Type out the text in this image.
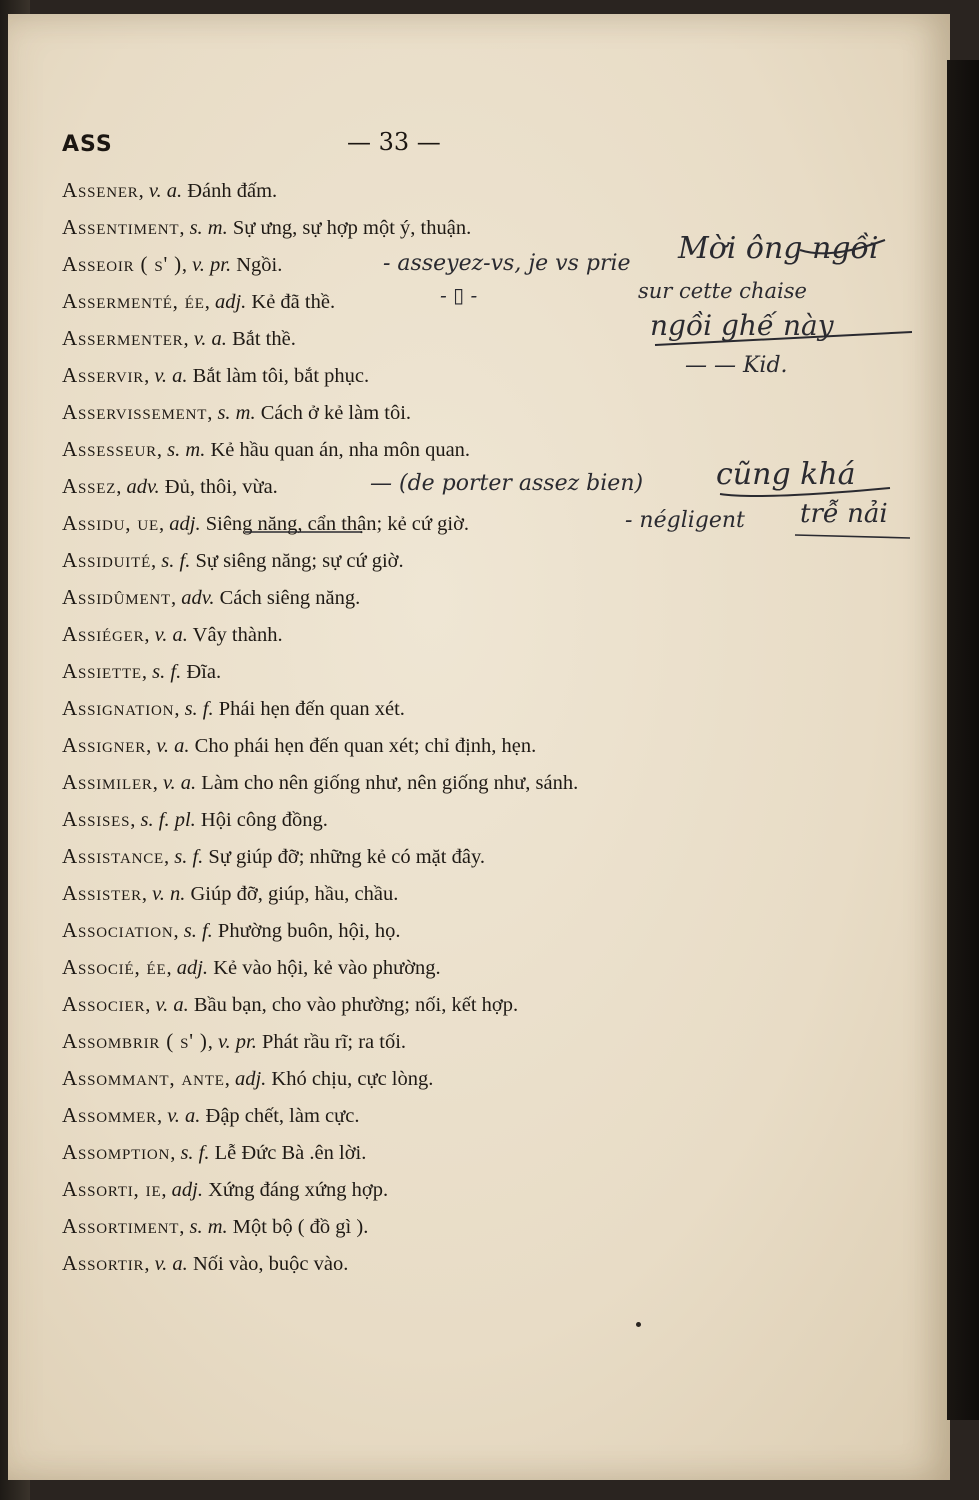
ASS	— 33 —
Assener, v. a. Đánh đấm.
Assentiment, s. m. Sự ưng, sự hợp một ý, thuận.
Asseoir ( s' ), v. pr. Ngồi.
Assermenté, ée, adj. Kẻ đã thề.
Assermenter, v. a. Bắt thề.
Asservir, v. a. Bắt làm tôi, bắt phục.
Asservissement, s. m. Cách ở kẻ làm tôi.
Assesseur, s. m. Kẻ hầu quan án, nha môn quan.
Assez, adv. Đủ, thôi, vừa.
Assidu, ue, adj. Siêng năng, cẩn thận; kẻ cứ giờ.
Assiduité, s. f. Sự siêng năng; sự cứ giờ.
Assidûment, adv. Cách siêng năng.
Assiéger, v. a. Vây thành.
Assiette, s. f. Đĩa.
Assignation, s. f. Phái hẹn đến quan xét.
Assigner, v. a. Cho phái hẹn đến quan xét; chỉ định, hẹn.
Assimiler, v. a. Làm cho nên giống như, nên giống như, sánh.
Assises, s. f. pl. Hội công đồng.
Assistance, s. f. Sự giúp đỡ; những kẻ có mặt đây.
Assister, v. n. Giúp đỡ, giúp, hầu, chầu.
Association, s. f. Phường buôn, hội, họ.
Associé, ée, adj. Kẻ vào hội, kẻ vào phường.
Associer, v. a. Bầu bạn, cho vào phường; nối, kết hợp.
Assombrir ( s' ), v. pr. Phát rầu rĩ; ra tối.
Assommant, ante, adj. Khó chịu, cực lòng.
Assommer, v. a. Đập chết, làm cực.
Assomption, s. f. Lễ Đức Bà .ên lời.
Assorti, ie, adj. Xứng đáng xứng hợp.
Assortiment, s. m. Một bộ ( đồ gì ).
Assortir, v. a. Nối vào, buộc vào.
- asseyez-vs, je vs prie Mời ông ngồi
- ▯ -	sur cette chaise
ngồi ghế này
— — Kid.
— (de porter assez bien) cũng khá
- négligent trễ nải
